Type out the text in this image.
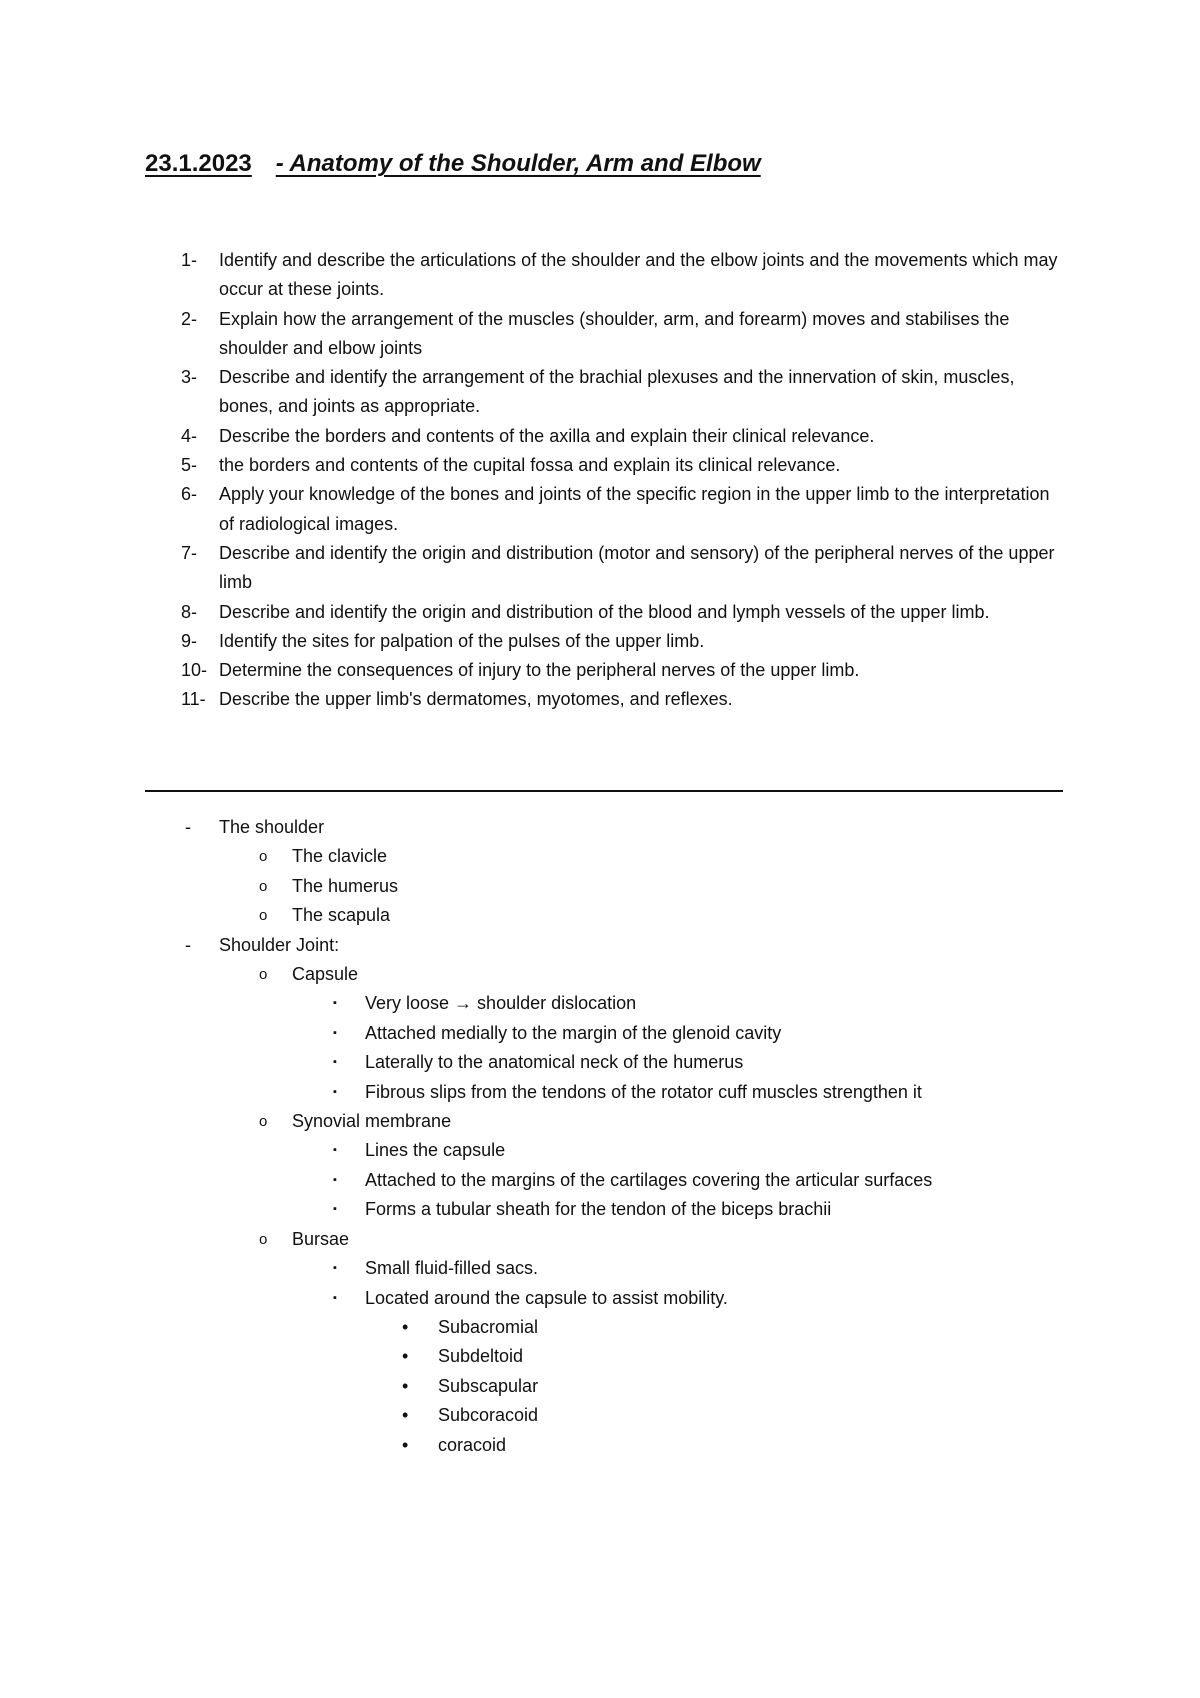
23.1.2023 - Anatomy of the Shoulder, Arm and Elbow
1-	Identify and describe the articulations of the shoulder and the elbow joints and the movements which may occur at these joints.
2-	Explain how the arrangement of the muscles (shoulder, arm, and forearm) moves and stabilises the shoulder and elbow joints
3-	Describe and identify the arrangement of the brachial plexuses and the innervation of skin, muscles, bones, and joints as appropriate.
4-	Describe the borders and contents of the axilla and explain their clinical relevance.
5-	the borders and contents of the cupital fossa and explain its clinical relevance.
6-	Apply your knowledge of the bones and joints of the specific region in the upper limb to the interpretation of radiological images.
7-	Describe and identify the origin and distribution (motor and sensory) of the peripheral nerves of the upper limb
8-	Describe and identify the origin and distribution of the blood and lymph vessels of the upper limb.
9-	Identify the sites for palpation of the pulses of the upper limb.
10- Determine the consequences of injury to the peripheral nerves of the upper limb.
11- Describe the upper limb's dermatomes, myotomes, and reflexes.
- The shoulder
o The clavicle
o The humerus
o The scapula
- Shoulder Joint:
o Capsule
▪ Very loose → shoulder dislocation
▪ Attached medially to the margin of the glenoid cavity
▪ Laterally to the anatomical neck of the humerus
▪ Fibrous slips from the tendons of the rotator cuff muscles strengthen it
o Synovial membrane
▪ Lines the capsule
▪ Attached to the margins of the cartilages covering the articular surfaces
▪ Forms a tubular sheath for the tendon of the biceps brachii
o Bursae
▪ Small fluid-filled sacs.
▪ Located around the capsule to assist mobility.
• Subacromial
• Subdeltoid
• Subscapular
• Subcoracoid
• coracoid
